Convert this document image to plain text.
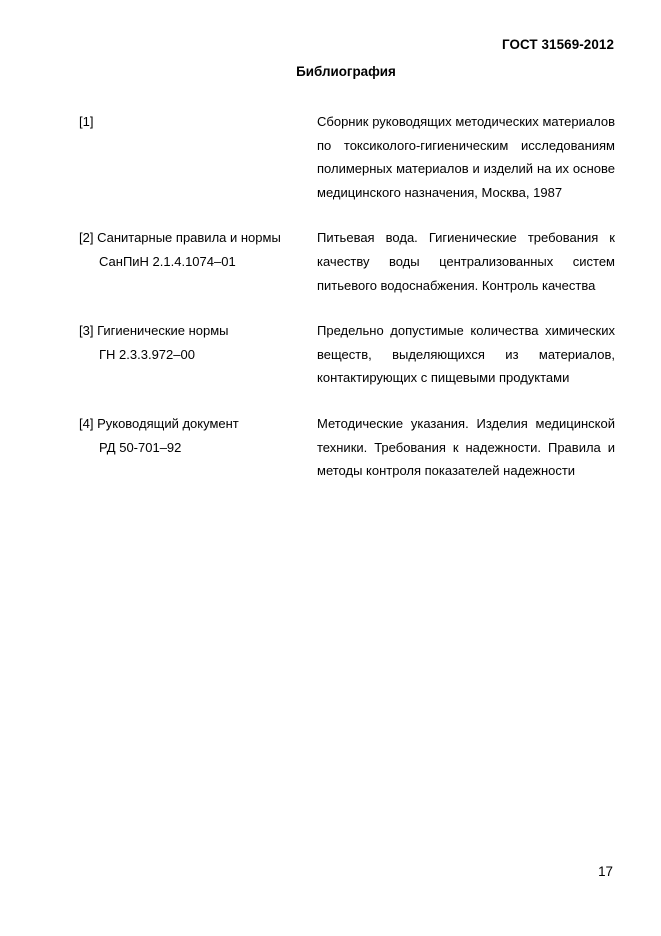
ГОСТ 31569-2012
Библиография
[1]	Сборник руководящих методических материалов по токсиколого-гигиеническим исследованиям полимерных материалов и изделий на их основе медицинского назначения, Москва, 1987
[2] Санитарные правила и нормы
СанПиН 2.1.4.1074–01
Питьевая вода. Гигиенические требования к качеству воды централизованных систем питьевого водоснабжения. Контроль качества
[3] Гигиенические нормы
ГН 2.3.3.972–00
Предельно допустимые количества химических веществ, выделяющихся из материалов, контактирующих с пищевыми продуктами
[4] Руководящий документ
РД 50-701–92
Методические указания. Изделия медицинской техники. Требования к надежности. Правила и методы контроля показателей надежности
17
